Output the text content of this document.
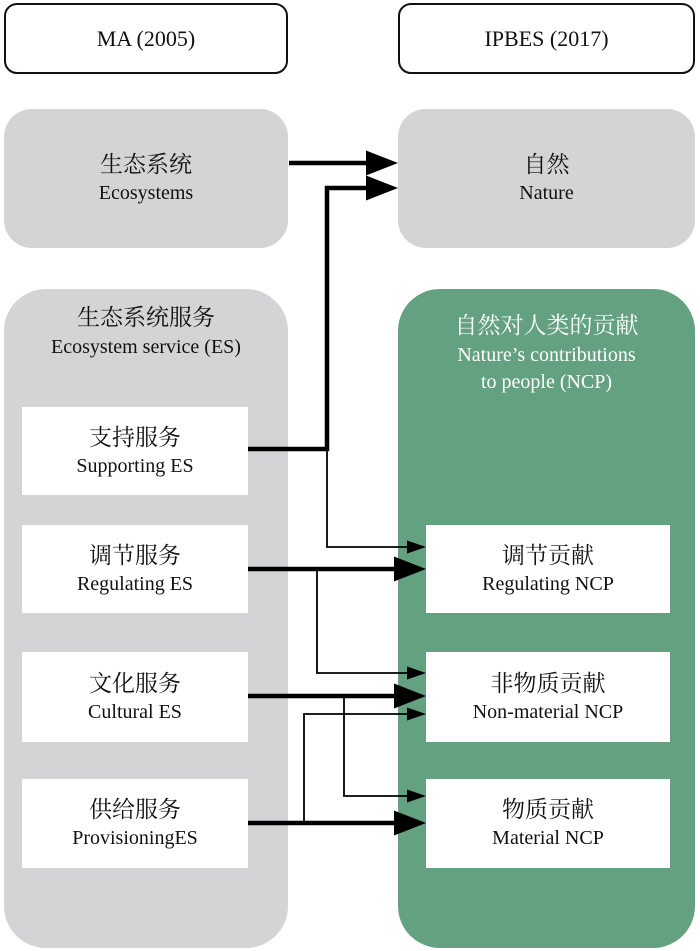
MA (2005)	IPBES (2017)
生态系统
Ecosystems
自然
Nature
生态系统服务
Ecosystem service (ES)
自然对人类的贡献
Nature’s contributions
to people (NCP)
支持服务
Supporting ES
调节服务
Regulating ES
文化服务
Cultural ES
供给服务
ProvisioningES
调节贡献
Regulating NCP
非物质贡献
Non-material NCP
物质贡献
Material NCP
